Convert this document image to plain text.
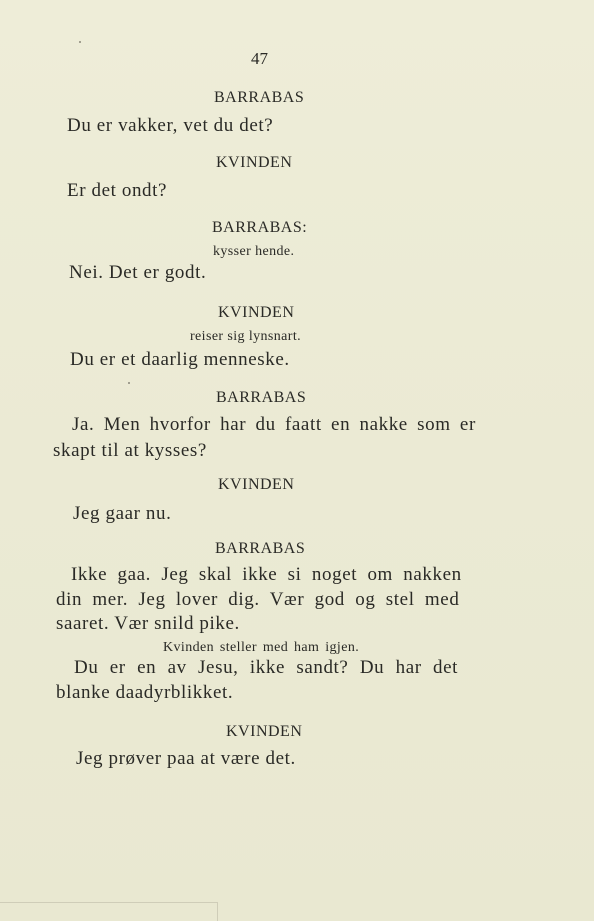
47
BARRABAS
Du er vakker, vet du det?
KVINDEN
Er det ondt?
BARRABAS:
kysser hende.
Nei. Det er godt.
KVINDEN
reiser sig lynsnart.
Du er et daarlig menneske.
BARRABAS
Ja. Men hvorfor har du faatt en nakke som er
skapt til at kysses?
KVINDEN
Jeg gaar nu.
BARRABAS
Ikke gaa. Jeg skal ikke si noget om nakken
din mer. Jeg lover dig. Vær god og stel med
saaret. Vær snild pike.
Kvinden steller med ham igjen.
Du er en av Jesu, ikke sandt? Du har det
blanke daadyrblikket.
KVINDEN
Jeg prøver paa at være det.
